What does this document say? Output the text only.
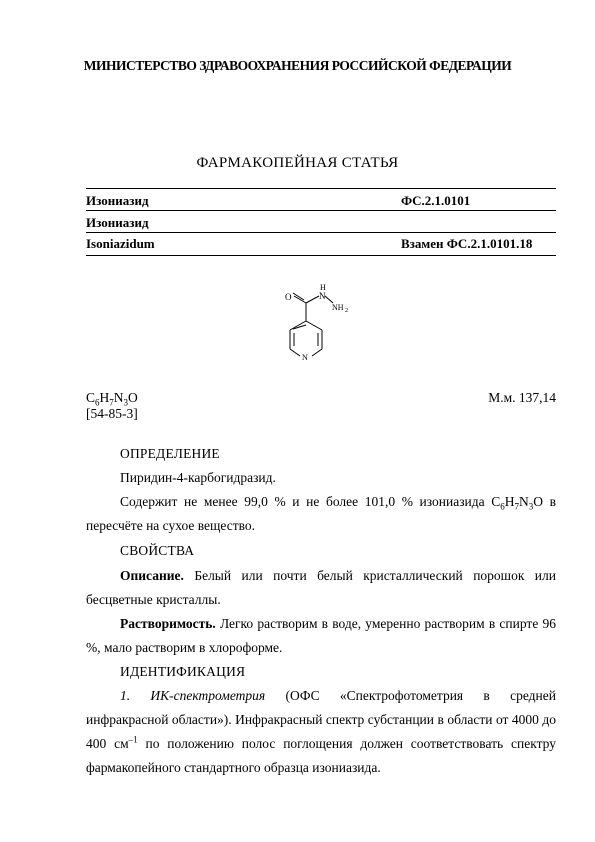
МИНИСТЕРСТВО ЗДРАВООХРАНЕНИЯ РОССИЙСКОЙ ФЕДЕРАЦИИ
ФАРМАКОПЕЙНАЯ СТАТЬЯ
Изониазид	ФС.2.1.0101
Изониазид
Isoniazidum	Взамен ФС.2.1.0101.18
O
H
N
NH 2
N
$C_6H_7N_3O$
[54-85-3]
М.м. 137,14
ОПРЕДЕЛЕНИЕ
Пиридин-4-карбогидразид.
Содержит не менее 99,0 % и не более 101,0 % изониазида $C_6H_7N_3O$ в пересчёте на сухое вещество.
СВОЙСТВА
Описание. Белый или почти белый кристаллический порошок или бесцветные кристаллы.
Растворимость. Легко растворим в воде, умеренно растворим в спирте 96 %, мало растворим в хлороформе.
ИДЕНТИФИКАЦИЯ
1. ИК-спектрометрия (ОФС «Спектрофотометрия в средней инфракрасной области»). Инфракрасный спектр субстанции в области от 4000 до 400 $см^{-1}$ по положению полос поглощения должен соответствовать спектру фармакопейного стандартного образца изониазида.
